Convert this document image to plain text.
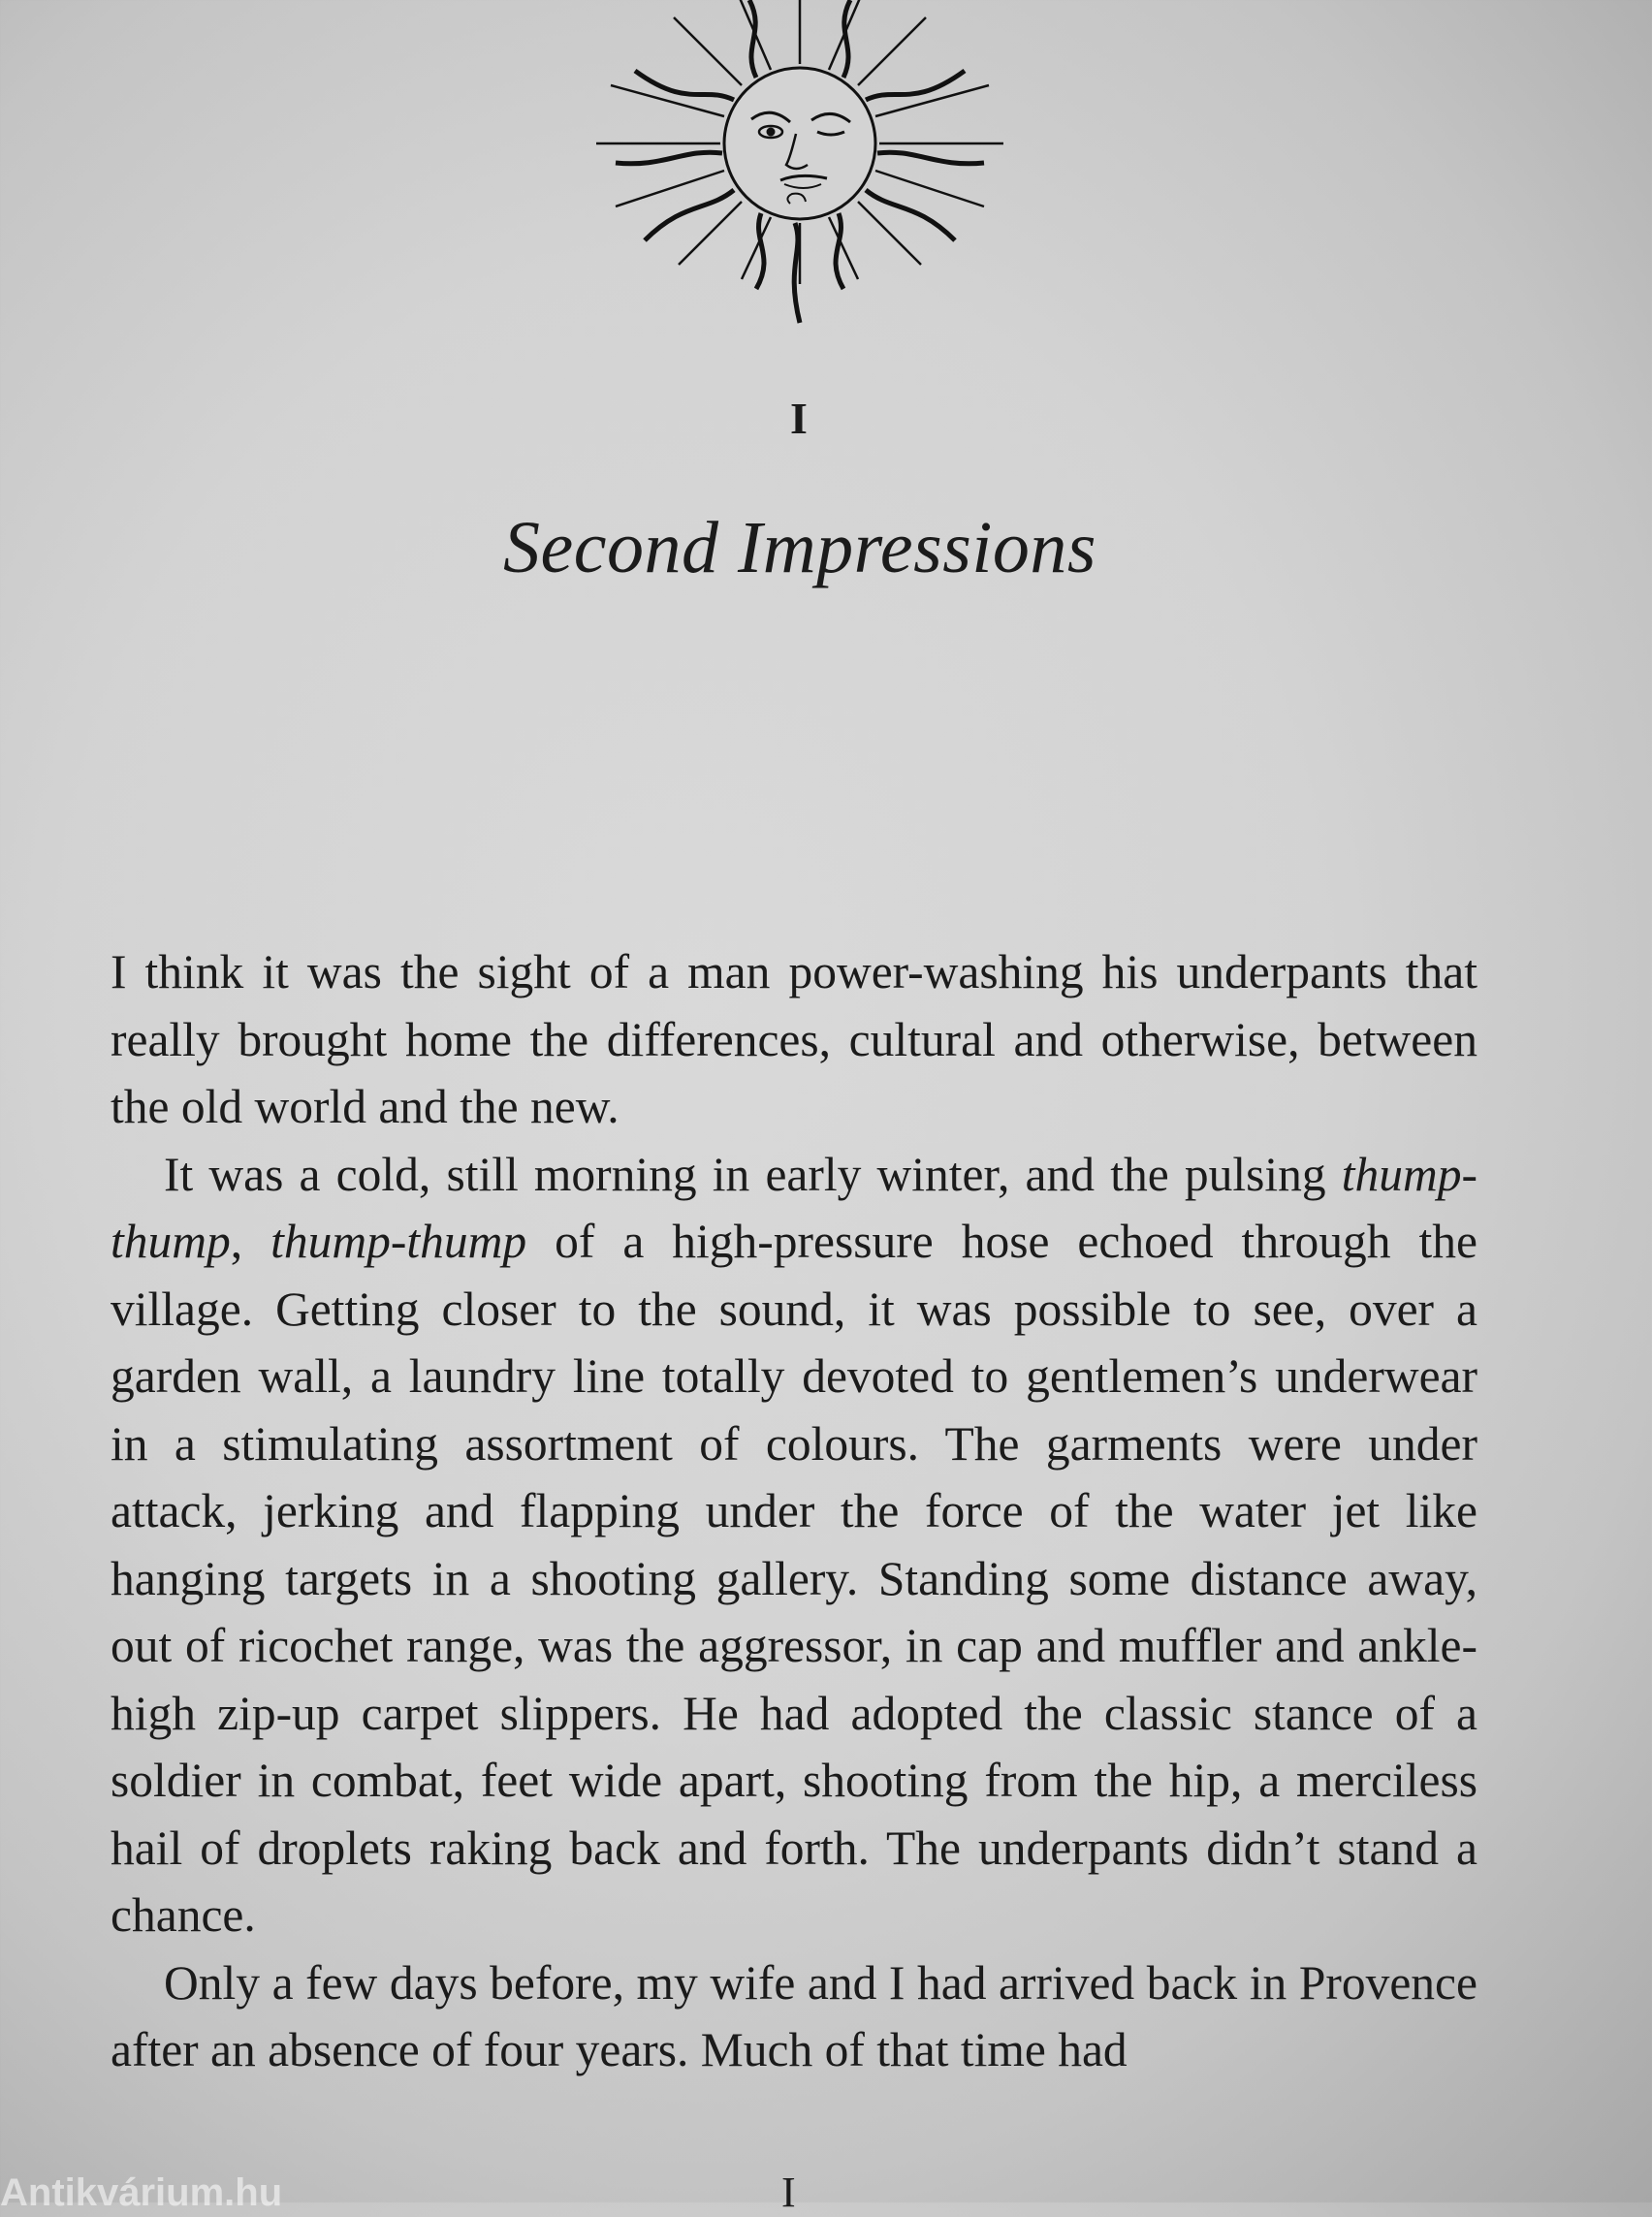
I
Second Impressions

I think it was the sight of a man power-washing his underpants that really brought home the differences, cultural and otherwise, between the old world and the new.

It was a cold, still morning in early winter, and the pulsing thump-thump, thump-thump of a high-pressure hose echoed through the village. Getting closer to the sound, it was possible to see, over a garden wall, a laundry line totally devoted to gentlemen’s underwear in a stimulating assortment of colours. The garments were under attack, jerking and flapping under the force of the water jet like hanging targets in a shooting gallery. Standing some distance away, out of ricochet range, was the aggressor, in cap and muffler and ankle-high zip-up carpet slippers. He had adopted the classic stance of a soldier in combat, feet wide apart, shooting from the hip, a merciless hail of droplets raking back and forth. The underpants didn’t stand a chance.

Only a few days before, my wife and I had arrived back in Provence after an absence of four years. Much of that time had

Antikvárium.hu	I
